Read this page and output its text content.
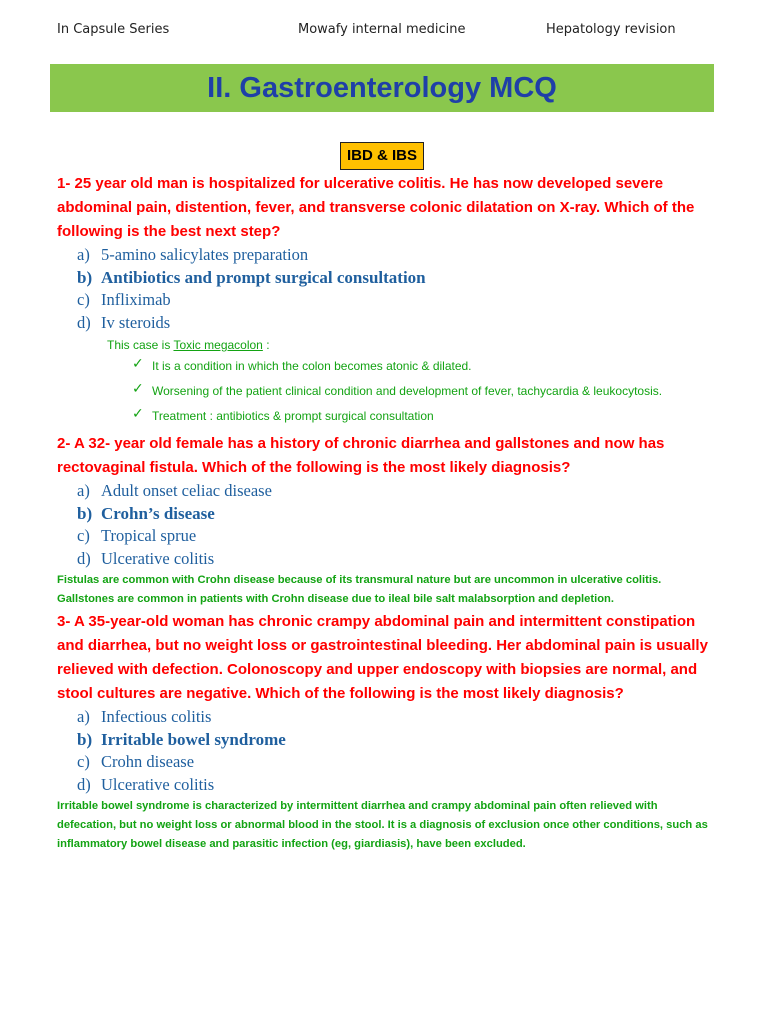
In Capsule Series	Mowafy internal medicine	Hepatology revision
II. Gastroenterology MCQ
IBD & IBS

1- 25 year old man is hospitalized for ulcerative colitis. He has now developed severe abdominal pain, distention, fever, and transverse colonic dilatation on X-ray. Which of the following is the best next step?

a) 5-amino salicylates preparation
b) Antibiotics and prompt surgical consultation
c) Infliximab
d) Iv steroids

This case is Toxic megacolon :

✓ It is a condition in which the colon becomes atonic & dilated.
✓ Worsening of the patient clinical condition and development of fever, tachycardia & leukocytosis.
✓ Treatment : antibiotics & prompt surgical consultation

2- A 32- year old female has a history of chronic diarrhea and gallstones and now has rectovaginal fistula. Which of the following is the most likely diagnosis?

a) Adult onset celiac disease
b) Crohn’s disease
c) Tropical sprue
d) Ulcerative colitis

Fistulas are common with Crohn disease because of its transmural nature but are uncommon in ulcerative colitis. Gallstones are common in patients with Crohn disease due to ileal bile salt malabsorption and depletion.

3- A 35-year-old woman has chronic crampy abdominal pain and intermittent constipation and diarrhea, but no weight loss or gastrointestinal bleeding. Her abdominal pain is usually relieved with defection. Colonoscopy and upper endoscopy with biopsies are normal, and stool cultures are negative. Which of the following is the most likely diagnosis?

a) Infectious colitis
b) Irritable bowel syndrome
c) Crohn disease
d) Ulcerative colitis

Irritable bowel syndrome is characterized by intermittent diarrhea and crampy abdominal pain often relieved with defecation, but no weight loss or abnormal blood in the stool. It is a diagnosis of exclusion once other conditions, such as inflammatory bowel disease and parasitic infection (eg, giardiasis), have been excluded.
